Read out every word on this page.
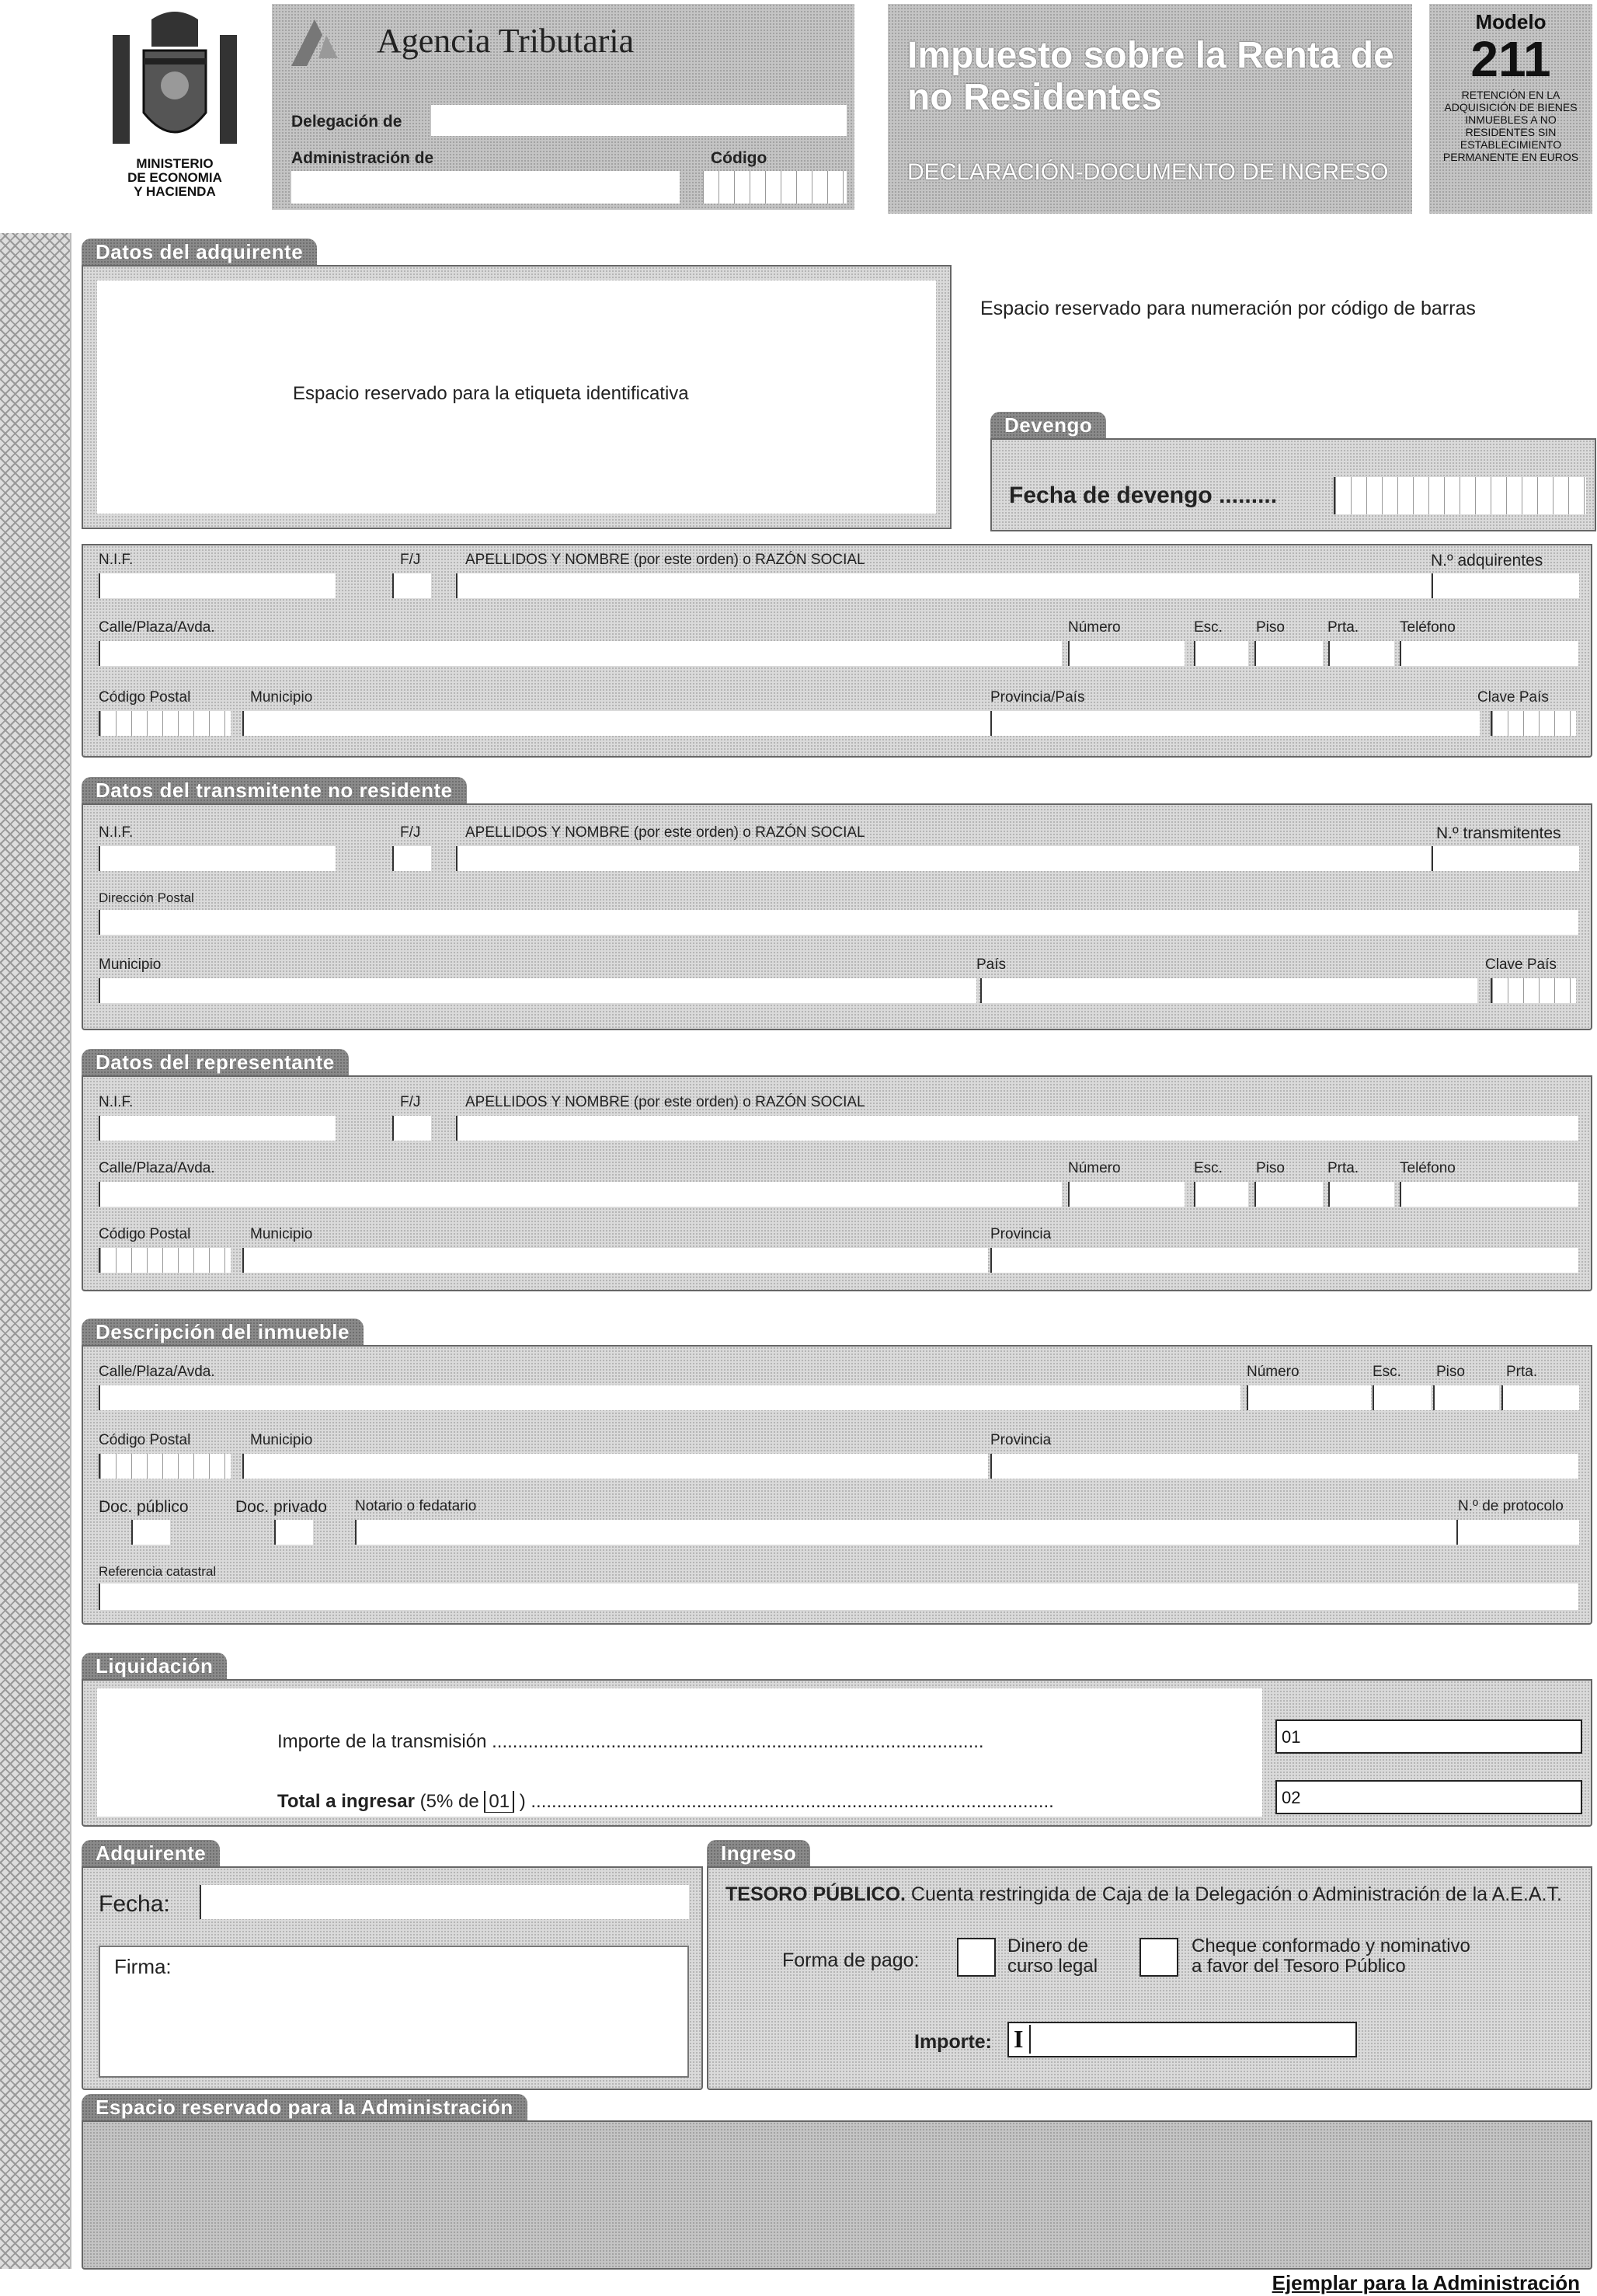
MINISTERIO
DE ECONOMIA
Y HACIENDA
Agencia Tributaria
Delegación de
Administración de	Código
Impuesto sobre la Renta de no Residentes
DECLARACIÓN-DOCUMENTO DE INGRESO
Modelo
211
RETENCIÓN EN LA ADQUISICIÓN DE BIENES INMUEBLES A NO RESIDENTES SIN ESTABLECIMIENTO PERMANENTE EN EUROS
Datos del adquirente
Espacio reservado para la etiqueta identificativa
Espacio reservado para numeración por código de barras
Devengo
Fecha de devengo .........
N.I.F.	F/J	APELLIDOS Y NOMBRE (por este orden) o RAZÓN SOCIAL	N.º adquirentes
Calle/Plaza/Avda.	Número	Esc. Piso	Prta.	Teléfono
Código Postal	Municipio	Provincia/País	Clave País
Datos del transmitente no residente
N.I.F.	F/J	APELLIDOS Y NOMBRE (por este orden) o RAZÓN SOCIAL	N.º transmitentes
Dirección Postal
Municipio	País	Clave País
Datos del representante
N.I.F.	F/J	APELLIDOS Y NOMBRE (por este orden) o RAZÓN SOCIAL
Calle/Plaza/Avda.	Número	Esc. Piso	Prta.	Teléfono
Código Postal	Municipio	Provincia
Descripción del inmueble
Calle/Plaza/Avda.	Número	Esc. Piso	Prta.
Código Postal	Municipio	Provincia
Doc. público	Doc. privado Notario o fedatario	N.º de protocolo
Referencia catastral
Liquidación
Importe de la transmisión ...............................................................................................	01
Total a ingresar (5% de 01 ) .....................................................................................................	02
Adquirente
Fecha:
Firma:
Ingreso
TESORO PÚBLICO. Cuenta restringida de Caja de la Delegación o Administración de la A.E.A.T.
Forma de pago:
Dinero de
curso legal
Cheque conformado y nominativo
a favor del Tesoro Público
Importe: I
Espacio reservado para la Administración
Ejemplar para la Administración
